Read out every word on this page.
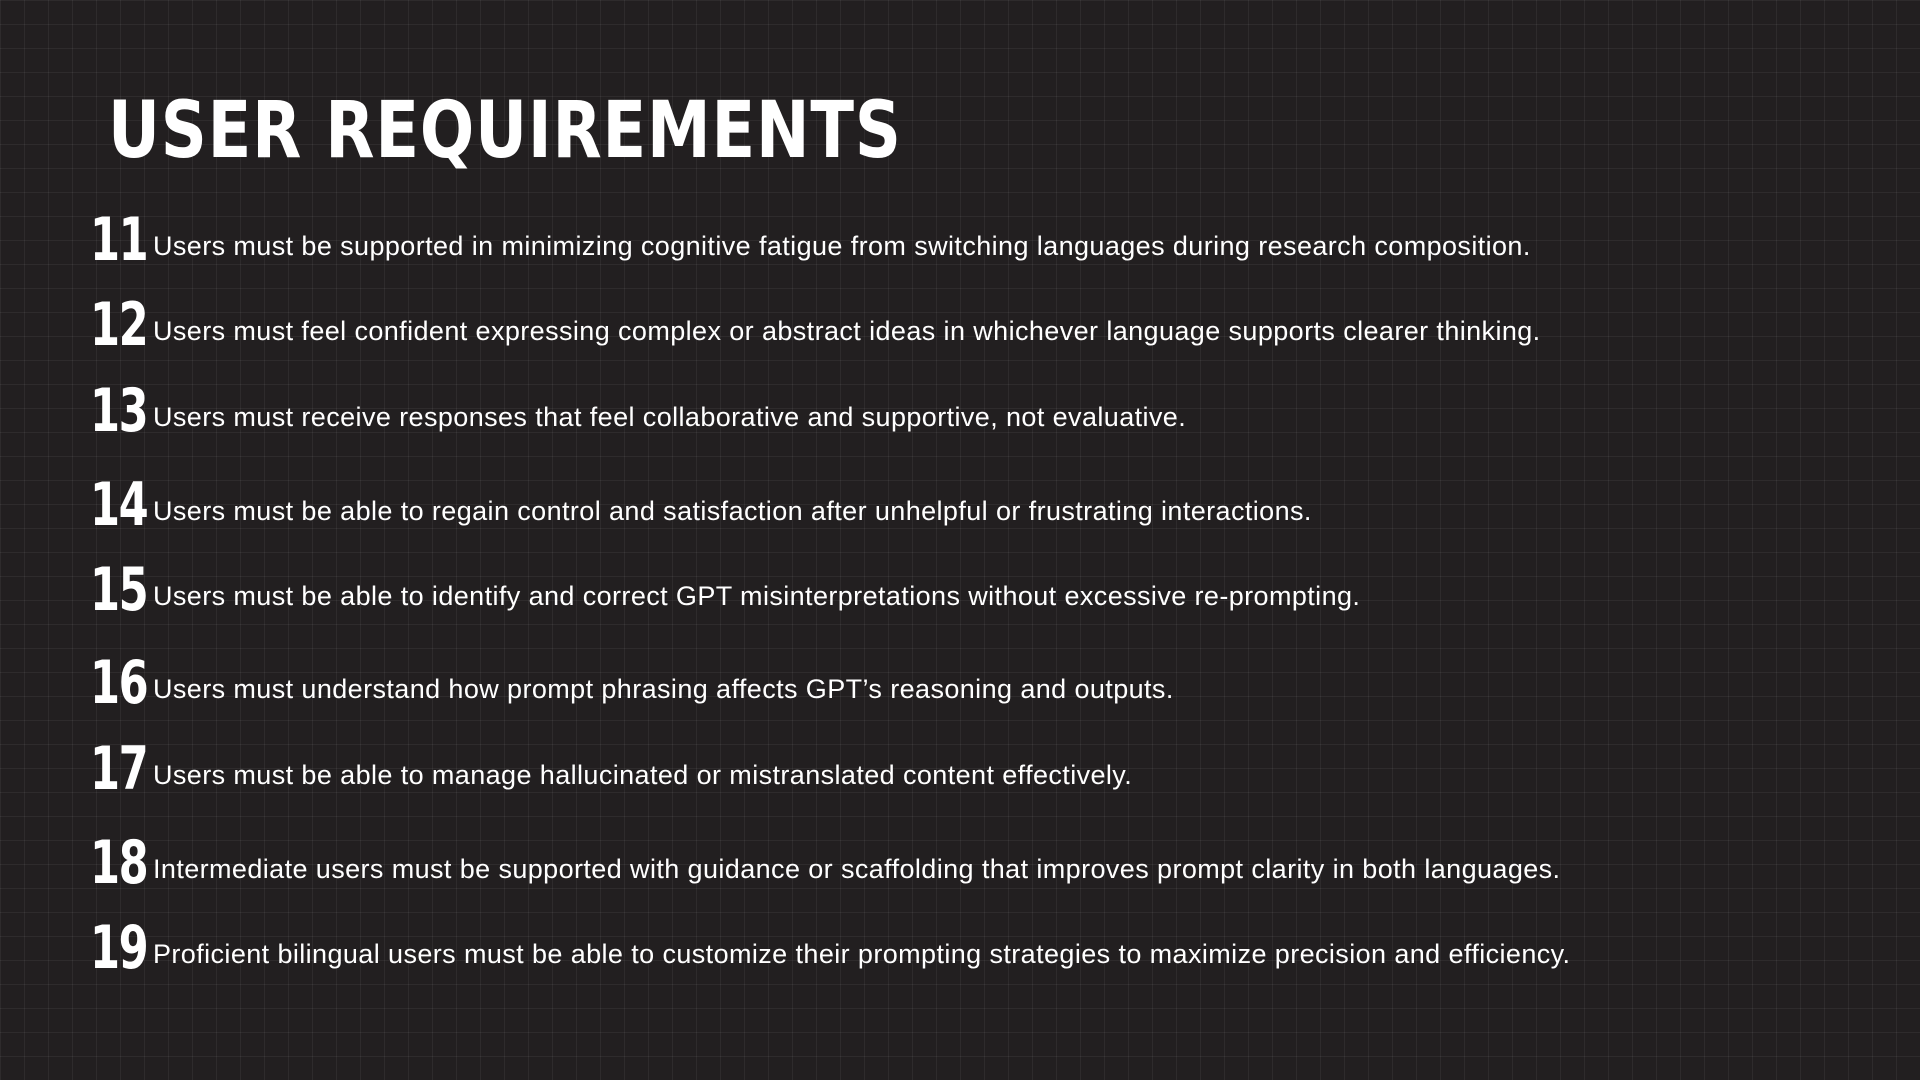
USER REQUIREMENTS
11 Users must be supported in minimizing cognitive fatigue from switching languages during research composition.
12 Users must feel confident expressing complex or abstract ideas in whichever language supports clearer thinking.
13 Users must receive responses that feel collaborative and supportive, not evaluative.
14 Users must be able to regain control and satisfaction after unhelpful or frustrating interactions.
15 Users must be able to identify and correct GPT misinterpretations without excessive re-prompting.
16 Users must understand how prompt phrasing affects GPT’s reasoning and outputs.
17 Users must be able to manage hallucinated or mistranslated content effectively.
18 Intermediate users must be supported with guidance or scaffolding that improves prompt clarity in both languages.
19 Proficient bilingual users must be able to customize their prompting strategies to maximize precision and efficiency.
